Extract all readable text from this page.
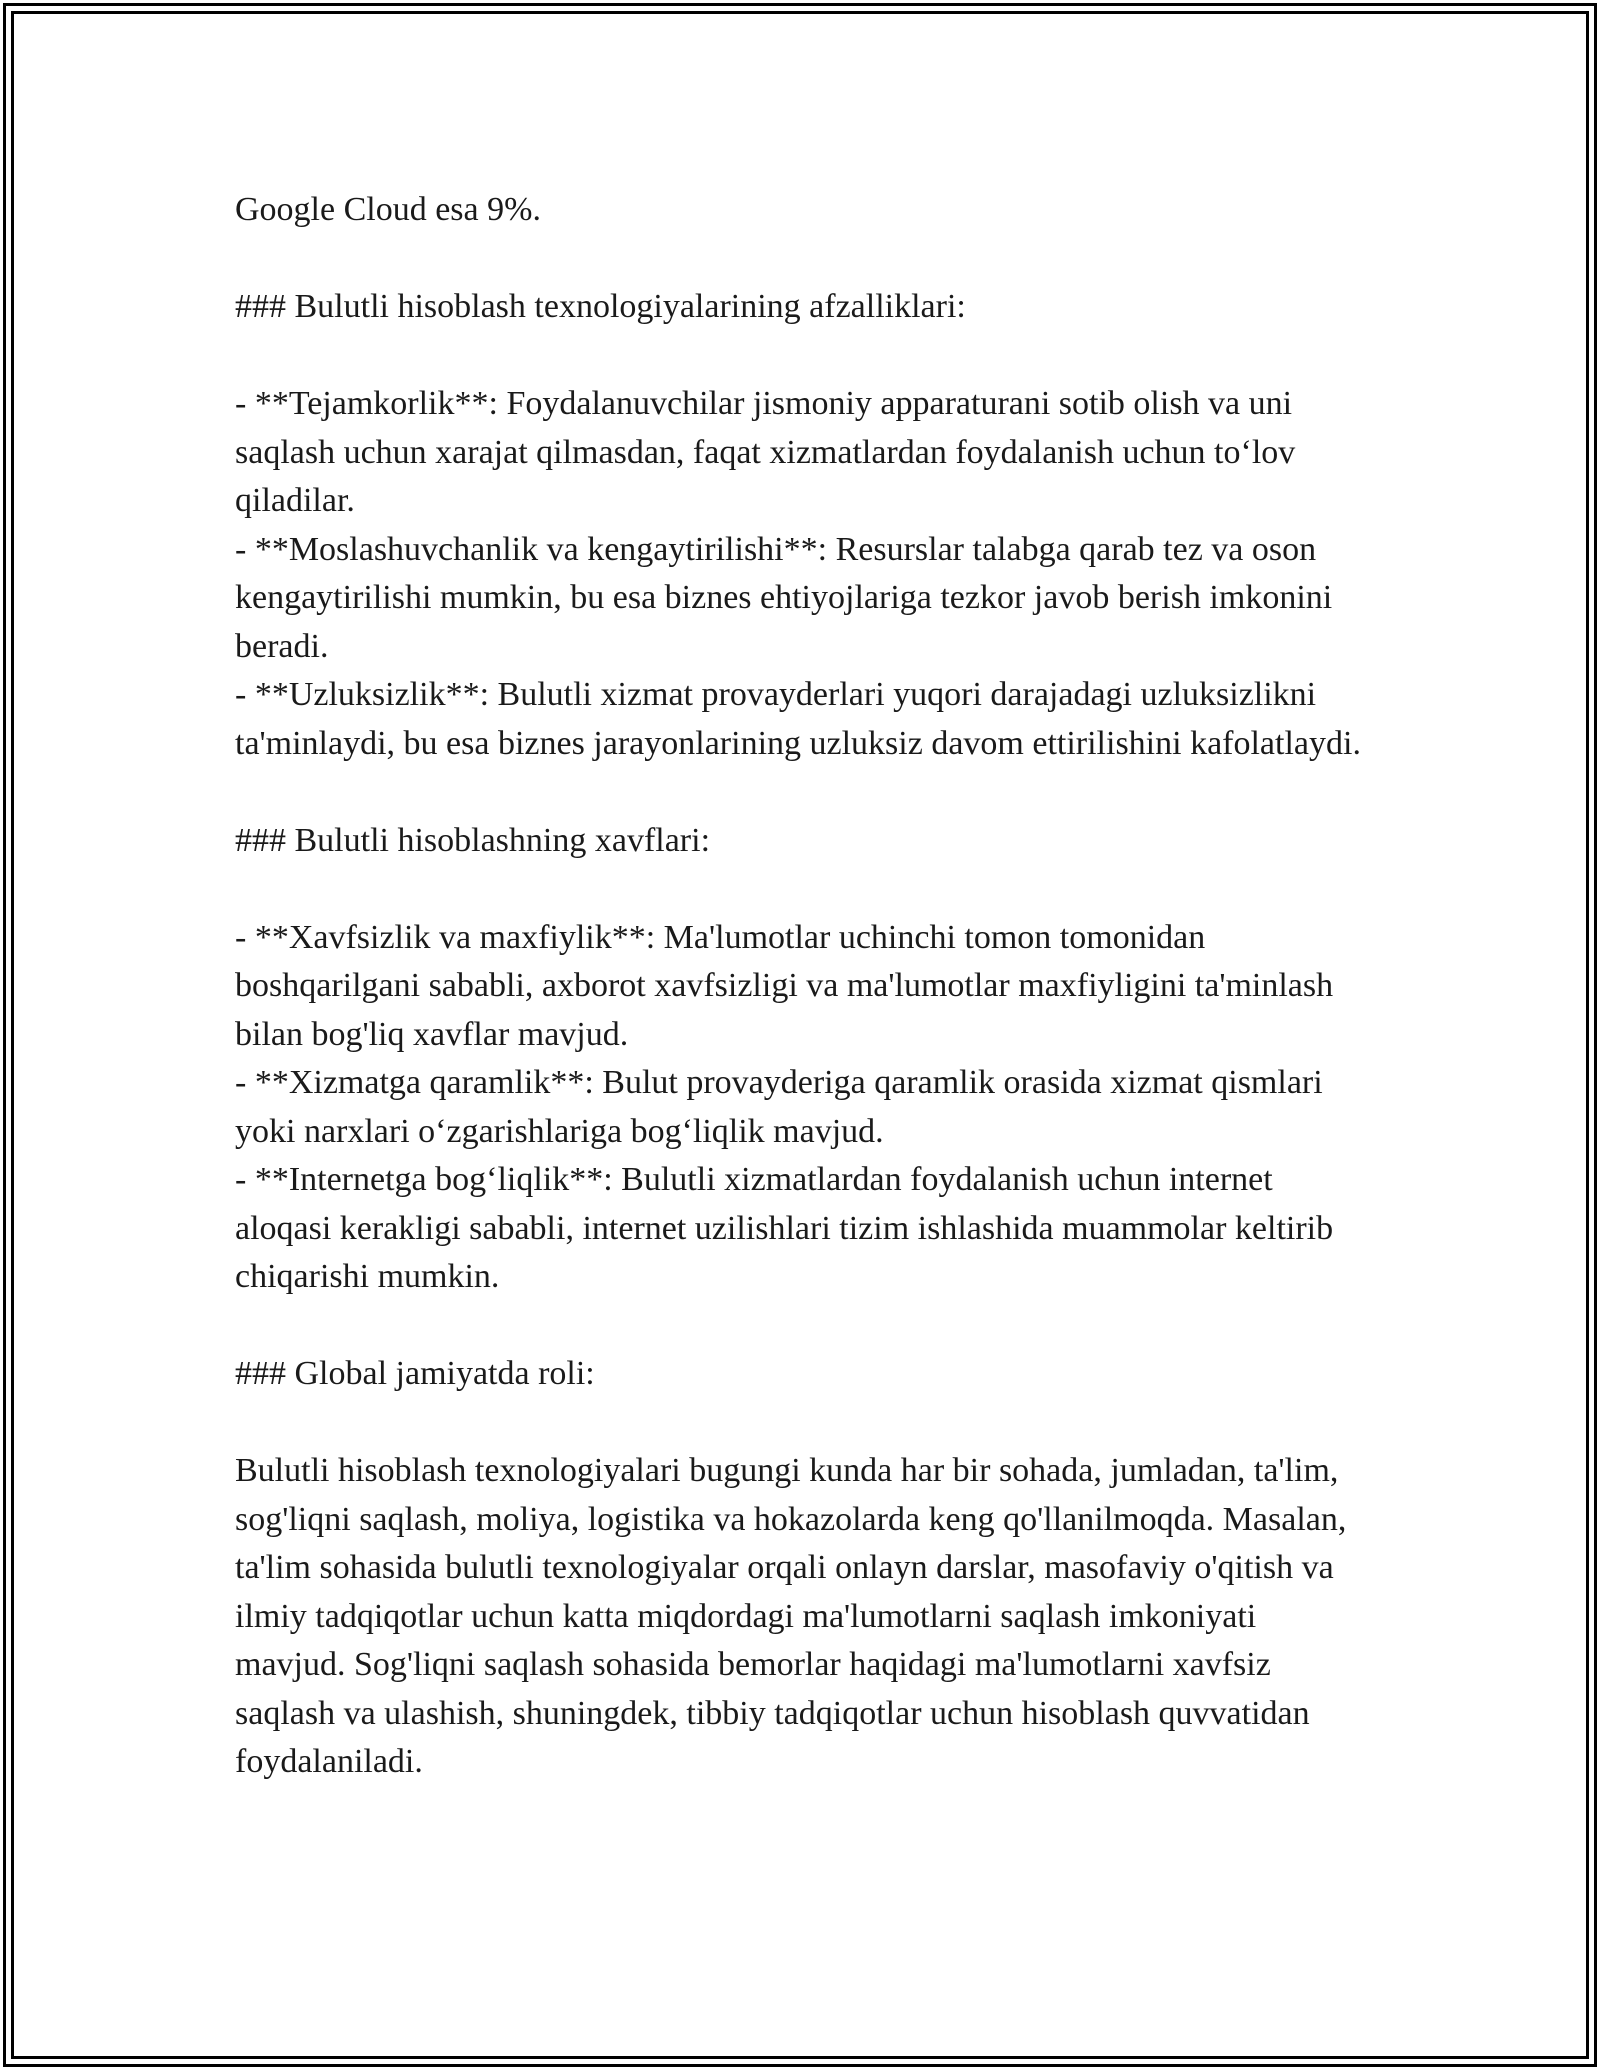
Google Cloud esa 9%.

### Bulutli hisoblash texnologiyalarining afzalliklari:

- **Tejamkorlik**: Foydalanuvchilar jismoniy apparaturani sotib olish va uni saqlash uchun xarajat qilmasdan, faqat xizmatlardan foydalanish uchun to‘lov qiladilar.

- **Moslashuvchanlik va kengaytirilishi**: Resurslar talabga qarab tez va oson kengaytirilishi mumkin, bu esa biznes ehtiyojlariga tezkor javob berish imkonini beradi.

- **Uzluksizlik**: Bulutli xizmat provayderlari yuqori darajadagi uzluksizlikni ta'minlaydi, bu esa biznes jarayonlarining uzluksiz davom ettirilishini kafolatlaydi.

### Bulutli hisoblashning xavflari:

- **Xavfsizlik va maxfiylik**: Ma'lumotlar uchinchi tomon tomonidan boshqarilgani sababli, axborot xavfsizligi va ma'lumotlar maxfiyligini ta'minlash bilan bog'liq xavflar mavjud.

- **Xizmatga qaramlik**: Bulut provayderiga qaramlik orasida xizmat qismlari yoki narxlari o‘zgarishlariga bog‘liqlik mavjud.

- **Internetga bog‘liqlik**: Bulutli xizmatlardan foydalanish uchun internet aloqasi kerakligi sababli, internet uzilishlari tizim ishlashida muammolar keltirib chiqarishi mumkin.

### Global jamiyatda roli:

Bulutli hisoblash texnologiyalari bugungi kunda har bir sohada, jumladan, ta'lim, sog'liqni saqlash, moliya, logistika va hokazolarda keng qo'llanilmoqda. Masalan, ta'lim sohasida bulutli texnologiyalar orqali onlayn darslar, masofaviy o'qitish va ilmiy tadqiqotlar uchun katta miqdordagi ma'lumotlarni saqlash imkoniyati mavjud. Sog'liqni saqlash sohasida bemorlar haqidagi ma'lumotlarni xavfsiz saqlash va ulashish, shuningdek, tibbiy tadqiqotlar uchun hisoblash quvvatidan foydalaniladi.
